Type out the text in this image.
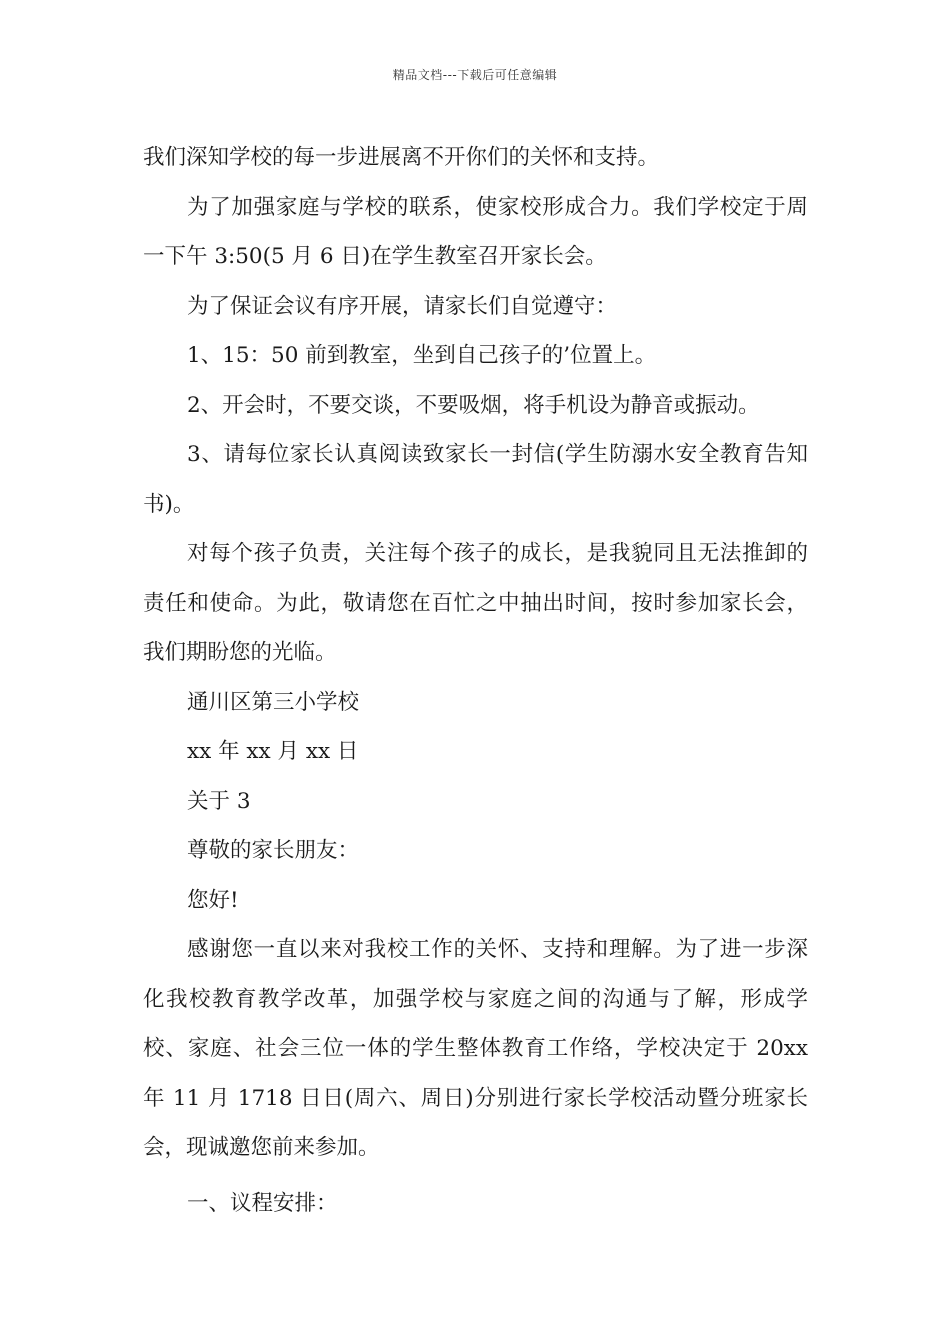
精品文档---下载后可任意编辑

我们深知学校的每一步进展离不开你们的关怀和支持。

为了加强家庭与学校的联系，使家校形成合力。我们学校定于周一下午 3:50(5 月 6 日)在学生教室召开家长会。

为了保证会议有序开展，请家长们自觉遵守：

1、15：50 前到教室，坐到自己孩子的’位置上。

2、开会时，不要交谈，不要吸烟，将手机设为静音或振动。

3、请每位家长认真阅读致家长一封信(学生防溺水安全教育告知书)。

对每个孩子负责，关注每个孩子的成长，是我貌同且无法推卸的责任和使命。为此，敬请您在百忙之中抽出时间，按时参加家长会，我们期盼您的光临。

通川区第三小学校

xx 年 xx 月 xx 日

关于 3

尊敬的家长朋友：

您好!

感谢您一直以来对我校工作的关怀、支持和理解。为了进一步深化我校教育教学改革，加强学校与家庭之间的沟通与了解，形成学校、家庭、社会三位一体的学生整体教育工作络，学校决定于 20xx 年 11 月 1718 日日(周六、周日)分别进行家长学校活动暨分班家长会，现诚邀您前来参加。

一、议程安排：
